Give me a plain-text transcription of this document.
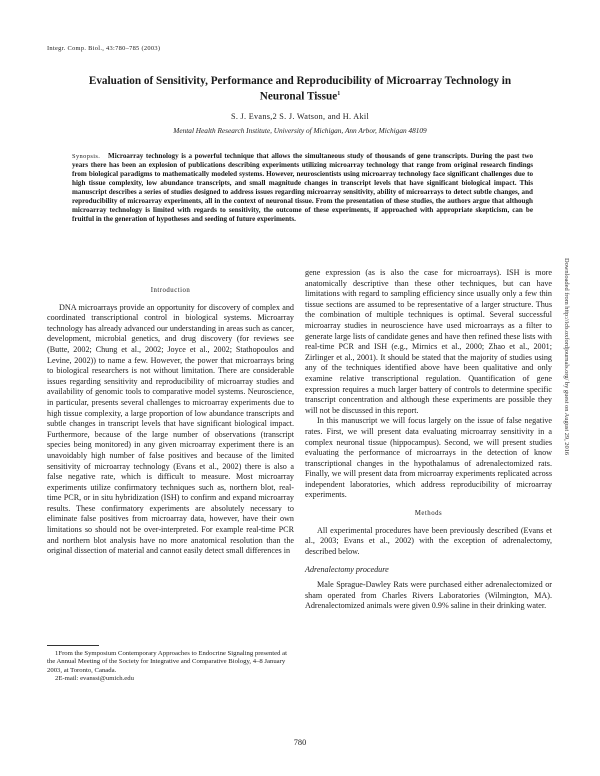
Integr. Comp. Biol., 43:780–785 (2003)
Evaluation of Sensitivity, Performance and Reproducibility of Microarray Technology in
Neuronal Tissue$^1$
S. J. Evans,2 S. J. Watson, and H. Akil
Mental Health Research Institute, University of Michigan, Ann Arbor, Michigan 48109
Synopsis. Microarray technology is a powerful technique that allows the simultaneous study of thousands of gene transcripts. During the past two years there has been an explosion of publications describing experiments utilizing microarray technology that range from original research findings from biological paradigms to mathematically modeled systems. However, neuroscientists using microarray technology face significant challenges due to high tissue complexity, low abundance transcripts, and small magnitude changes in transcript levels that have significant biological impact. This manuscript describes a series of studies designed to address issues regarding microarray sensitivity, ability of microarrays to detect subtle changes, and reproducibility of microarray experiments, all in the context of neuronal tissue. From the presentation of these studies, the authors argue that although microarray technology is limited with regards to sensitivity, the outcome of these experiments, if approached with appropriate skepticism, can be fruitful in the generation of hypotheses and seeding of future experiments.

Introduction

DNA microarrays provide an opportunity for discovery of complex and coordinated transcriptional control in biological systems. Microarray technology has already advanced our understanding in areas such as cancer, development, microbial genetics, and drug discovery (for reviews see (Butte, 2002; Chung et al., 2002; Joyce et al., 2002; Stathopoulos and Levine, 2002)) to name a few. However, the power that microarrays bring to biological researchers is not without limitation. There are considerable issues regarding sensitivity and reproducibility of microarray studies and availability of genomic tools to comparative model systems. Neuroscience, in particular, presents several challenges to microarray experiments due to high tissue complexity, a large proportion of low abundance transcripts and subtle changes in transcript levels that have significant biological impact. Furthermore, because of the large number of observations (transcript species being monitored) in any given microarray experiment there is an unavoidably high number of false positives and because of the limited sensitivity of microarray technology (Evans et al., 2002) there is also a false negative rate, which is difficult to measure. Most microarray experiments utilize confirmatory techniques such as, northern blot, real-time PCR, or in situ hybridization (ISH) to confirm and expand microarray results. These confirmatory experiments are absolutely necessary to eliminate false positives from microarray data, however, have their own limitations so should not be over-interpreted. For example real-time PCR and northern blot analysis have no more anatomical resolution than the original dissection of material and cannot easily detect small differences in

gene expression (as is also the case for microarrays). ISH is more anatomically descriptive than these other techniques, but can have limitations with regard to sampling efficiency since usually only a few thin tissue sections are assumed to be representative of a larger structure. Thus the combination of multiple techniques is optimal. Several successful microarray studies in neuroscience have used microarrays as a filter to generate large lists of candidate genes and have then refined these lists with real-time PCR and ISH (e.g., Mirnics et al., 2000; Zhao et al., 2001; Zirlinger et al., 2001). It should be stated that the majority of studies using any of the techniques identified above have been qualitative and only examine relative transcriptional regulation. Quantification of gene expression requires a much larger battery of controls to determine specific transcript concentration and although these experiments are possible they will not be discussed in this report.

In this manuscript we will focus largely on the issue of false negative rates. First, we will present data evaluating microarray sensitivity in a complex neuronal tissue (hippocampus). Second, we will present studies evaluating the performance of microarrays in the detection of know transcriptional changes in the hypothalamus of adrenalectomized rats. Finally, we will present data from microarray experiments replicated across independent laboratories, which address reproducibility of microarray experiments.

Methods

All experimental procedures have been previously described (Evans et al., 2003; Evans et al., 2002) with the exception of adrenalectomy, described below.

Adrenalectomy procedure

Male Sprague-Dawley Rats were purchased either adrenalectomized or sham operated from Charles Rivers Laboratories (Wilmington, MA). Adrenalectomized animals were given 0.9% saline in their drinking water.

1From the Symposium Contemporary Approaches to Endocrine Signaling presented at the Annual Meeting of the Society for Integrative and Comparative Biology, 4–8 January 2003, at Toronto, Canada.

2E-mail: evanssi@umich.edu

Downloaded from http://icb.oxfordjournals.org/ by guest on August 29, 2016
780
